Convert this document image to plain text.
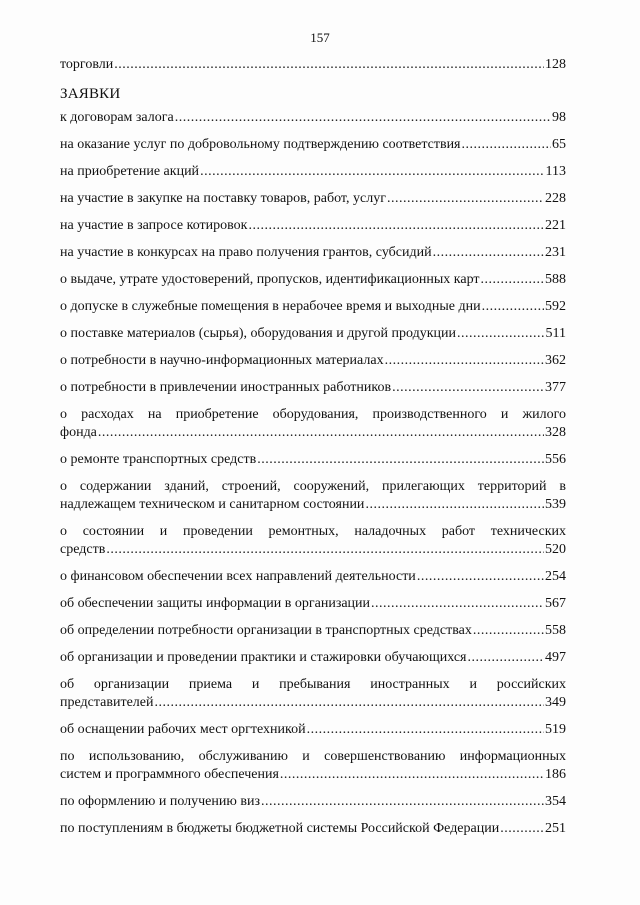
157
торговли .....	128
ЗАЯВКИ
к договорам залога .....	98
на оказание услуг по добровольному подтверждению соответствия .....	65
на приобретение акций .....	113
на участие в закупке на поставку товаров, работ, услуг .....	228
на участие в запросе котировок .....	221
на участие в конкурсах на право получения грантов, субсидий .....	231
о выдаче, утрате удостоверений, пропусков, идентификационных карт .....	588
о допуске в служебные помещения в нерабочее время и выходные дни .....	592
о поставке материалов (сырья), оборудования и другой продукции .....	511
о потребности в научно-информационных материалах .....	362
о потребности в привлечении иностранных работников .....	377
о расходах на приобретение оборудования, производственного и жилого
фонда .....	328
о ремонте транспортных средств .....	556
о содержании зданий, строений, сооружений, прилегающих территорий в
надлежащем техническом и санитарном состоянии .....	539
о состоянии и проведении ремонтных, наладочных работ технических
средств .....	520
о финансовом обеспечении всех направлений деятельности .....	254
об обеспечении защиты информации в организации .....	567
об определении потребности организации в транспортных средствах .....	558
об организации и проведении практики и стажировки обучающихся .....	497
об организации приема и пребывания иностранных и российских
представителей .....	349
об оснащении рабочих мест оргтехникой .....	519
по использованию, обслуживанию и совершенствованию информационных
систем и программного обеспечения .....	186
по оформлению и получению виз .....	354
по поступлениям в бюджеты бюджетной системы Российской Федерации .....	251
